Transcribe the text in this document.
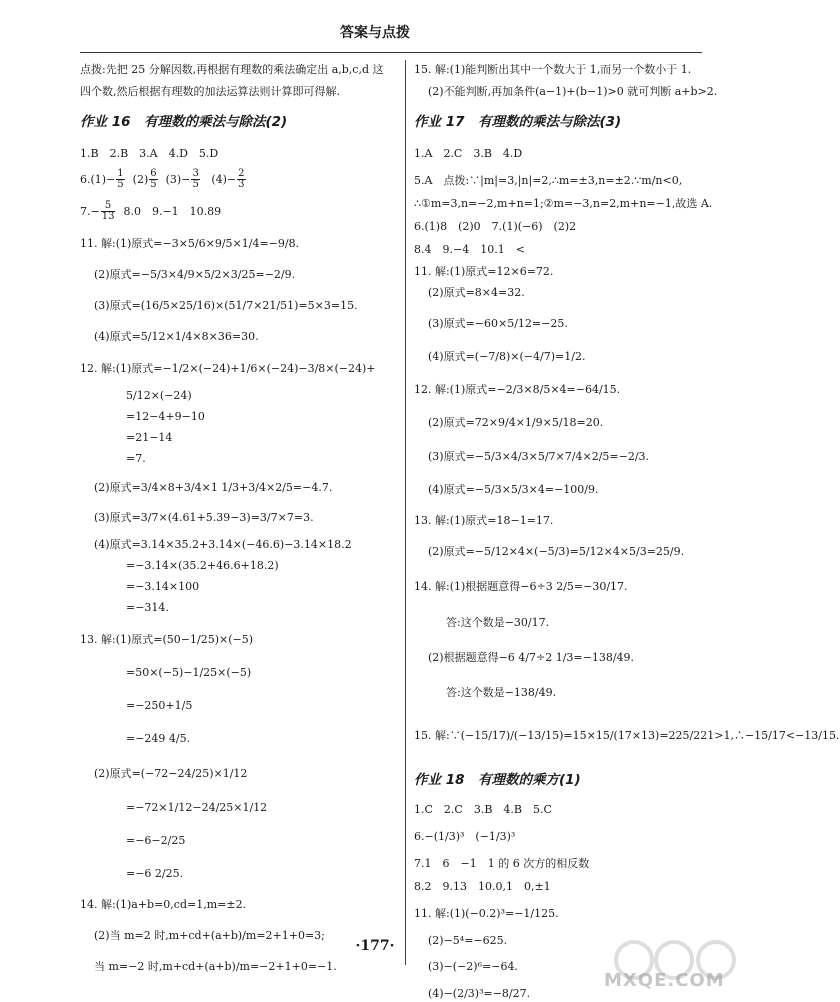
答案与点拨

点拨:先把 25 分解因数,再根据有理数的乘法确定出 a,b,c,d 这

四个数,然后根据有理数的加法运算法则计算即可得解.

作业 16　有理数的乘法与除法(2)

1.B　2.B　3.A　4.D　5.D

$6.(1)- \frac{1}{5} (2) \frac{6}{5} (3)- \frac{3}{5} (4)- \frac{2}{3}$

$7.- \frac{5}{13} 8.0$　9.−1　10.89

11. 解:(1)原式=−3×5/6×9/5×1/4=−9/8.

(2)原式=−5/3×4/9×5/2×3/25=−2/9.

(3)原式=(16/5×25/16)×(51/7×21/51)=5×3=15.

(4)原式=5/12×1/4×8×36=30.

12. 解:(1)原式=−1/2×(−24)+1/6×(−24)−3/8×(−24)+

5/12×(−24)

=12−4+9−10

=21−14

=7.

(2)原式=3/4×8+3/4×1 1/3+3/4×2/5=−4.7.

(3)原式=3/7×(4.61+5.39−3)=3/7×7=3.

(4)原式=3.14×35.2+3.14×(−46.6)−3.14×18.2

=−3.14×(35.2+46.6+18.2)

=−3.14×100

=−314.

13. 解:(1)原式=(50−1/25)×(−5)

=50×(−5)−1/25×(−5)

=−250+1/5

=−249 4/5.

(2)原式=(−72−24/25)×1/12

=−72×1/12−24/25×1/12

=−6−2/25

=−6 2/25.

14. 解:(1)a+b=0,cd=1,m=±2.

(2)当 m=2 时,m+cd+(a+b)/m=2+1+0=3;

当 m=−2 时,m+cd+(a+b)/m=−2+1+0=−1.

15. 解:(1)能判断出其中一个数大于 1,而另一个数小于 1.

(2)不能判断,再加条件(a−1)+(b−1)>0 就可判断 a+b>2.

作业 17　有理数的乘法与除法(3)

1.A　2.C　3.B　4.D

5.A　点拨:∵|m|=3,|n|=2,∴m=±3,n=±2.∵m/n<0,

∴①m=3,n=−2,m+n=1;②m=−3,n=2,m+n=−1,故选 A.

6.(1)8　(2)0　7.(1)(−6)　(2)2

8.4　9.−4　10.1　<

11. 解:(1)原式=12×6=72.

(2)原式=8×4=32.

(3)原式=−60×5/12=−25.

(4)原式=(−7/8)×(−4/7)=1/2.

12. 解:(1)原式=−2/3×8/5×4=−64/15.

(2)原式=72×9/4×1/9×5/18=20.

(3)原式=−5/3×4/3×5/7×7/4×2/5=−2/3.

(4)原式=−5/3×5/3×4=−100/9.

13. 解:(1)原式=18−1=17.

(2)原式=−5/12×4×(−5/3)=5/12×4×5/3=25/9.

14. 解:(1)根据题意得−6÷3 2/5=−30/17.

答:这个数是−30/17.

(2)根据题意得−6 4/7÷2 1/3=−138/49.

答:这个数是−138/49.

15. 解:∵(−15/17)/(−13/15)=15×15/(17×13)=225/221>1,∴−15/17<−13/15.

作业 18　有理数的乘方(1)

1.C　2.C　3.B　4.B　5.C

6.−(1/3)³　(−1/3)³

7.1　6　−1　1 的 6 次方的相反数

8.2　9.13　10.0,1　0,±1

11. 解:(1)(−0.2)³=−1/125.

(2)−5⁴=−625.

(3)−(−2)⁶=−64.

(4)−(2/3)³=−8/27.

·177·
MXQE.COM
